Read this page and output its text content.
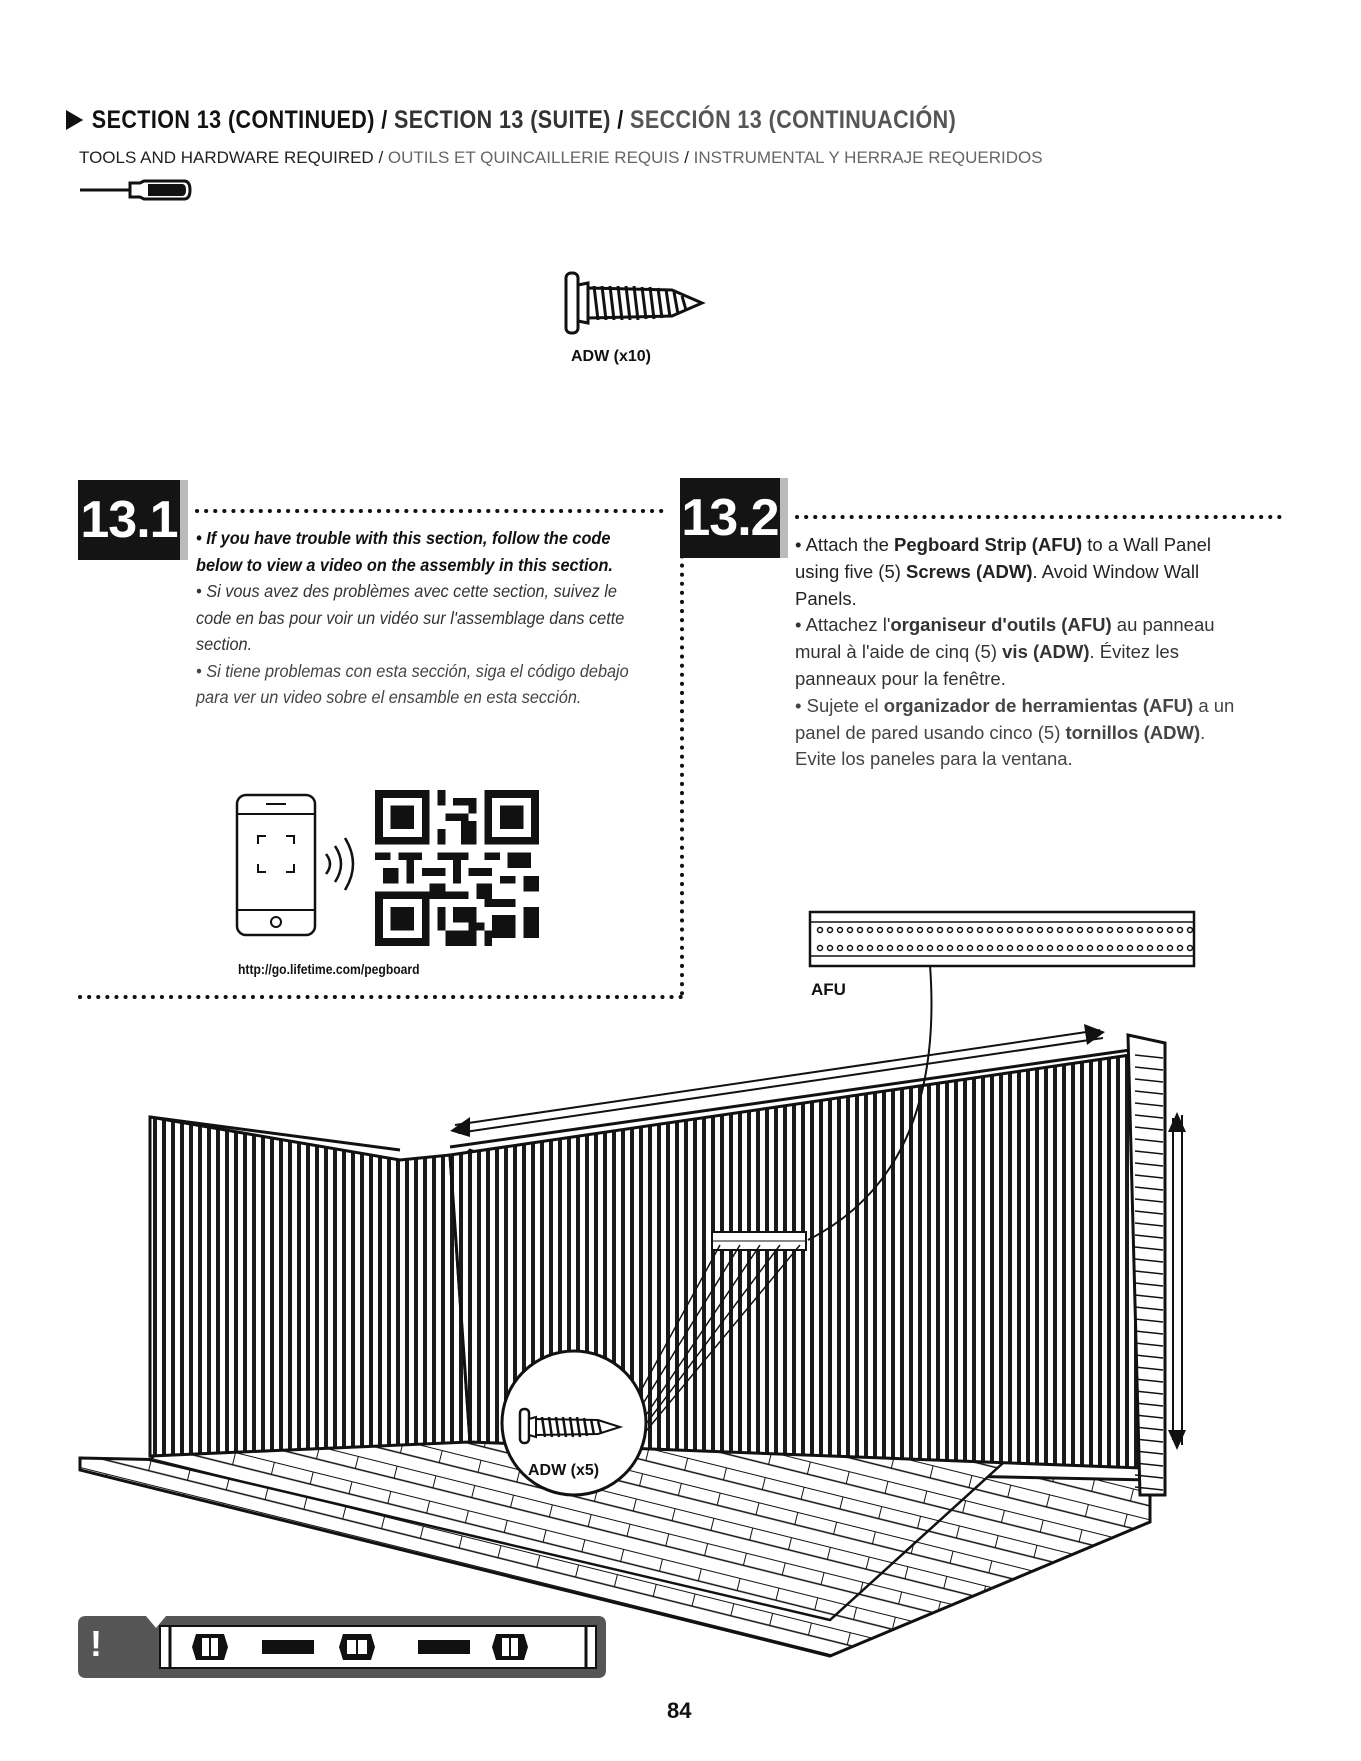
SECTION 13 (CONTINUED) / SECTION 13 (SUITE) / SECCIÓN 13 (CONTINUACIÓN)
TOOLS AND HARDWARE REQUIRED / OUTILS ET QUINCAILLERIE REQUIS / INSTRUMENTAL Y HERRAJE REQUERIDOS
ADW (x10)
13.1 • If you have trouble with this section, follow the code below to view a video on the assembly in this section.

• Si vous avez des problèmes avec cette section, suivez le code en bas pour voir un vidéo sur l'assemblage dans cette section.

• Si tiene problemas con esta sección, siga el código debajo para ver un video sobre el ensamble en esta sección.

http://go.lifetime.com/pegboard
13.2 • Attach the Pegboard Strip (AFU) to a Wall Panel using five (5) Screws (ADW). Avoid Window Wall Panels.

• Attachez l'organiseur d'outils (AFU) au panneau mural à l'aide de cinq (5) vis (ADW). Évitez les panneaux pour la fenêtre.

• Sujete el organizador de herramientas (AFU) a un panel de pared usando cinco (5) tornillos (ADW). Evite los paneles para la ventana.

AFU
ADW (x5)
!
84
